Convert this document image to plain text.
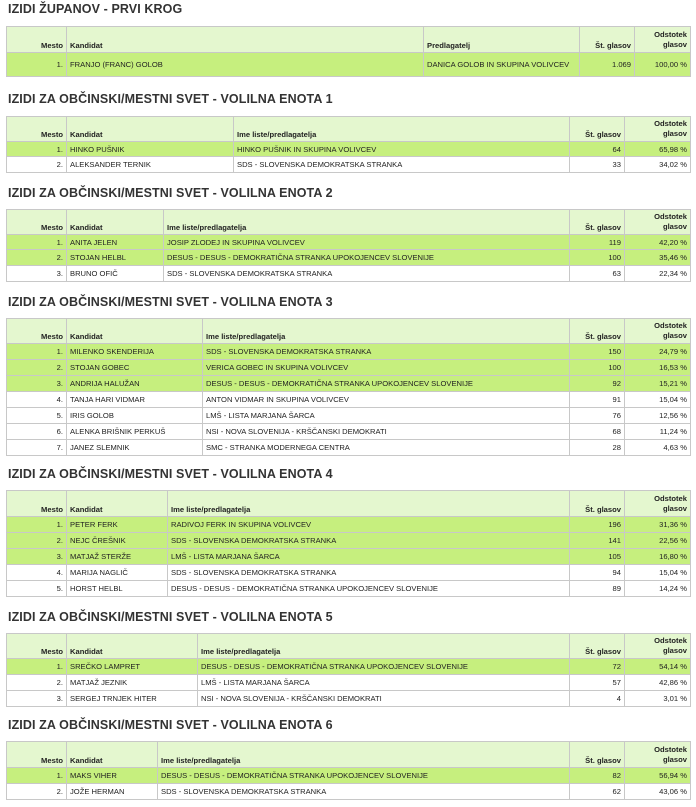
IZIDI ŽUPANOV - PRVI KROG
Mesto	Kandidat	Predlagatelj	Št. glasov	Odstotek glasov
1.	FRANJO (FRANC) GOLOB	DANICA GOLOB IN SKUPINA VOLIVCEV	1.069	100,00 %
IZIDI ZA OBČINSKI/MESTNI SVET - VOLILNA ENOTA 1
Mesto	Kandidat	Ime liste/predlagatelja	Št. glasov	Odstotek glasov
1.	HINKO PUŠNIK	HINKO PUŠNIK IN SKUPINA VOLIVCEV	64	65,98 %
2.	ALEKSANDER TERNIK	SDS - SLOVENSKA DEMOKRATSKA STRANKA	33	34,02 %
IZIDI ZA OBČINSKI/MESTNI SVET - VOLILNA ENOTA 2
Mesto	Kandidat	Ime liste/predlagatelja	Št. glasov	Odstotek glasov
1.	ANITA JELEN	JOSIP ZLODEJ IN SKUPINA VOLIVCEV	119	42,20 %
2.	STOJAN HELBL	DESUS - DESUS - DEMOKRATIČNA STRANKA UPOKOJENCEV SLOVENIJE	100	35,46 %
3.	BRUNO OFIČ	SDS - SLOVENSKA DEMOKRATSKA STRANKA	63	22,34 %
IZIDI ZA OBČINSKI/MESTNI SVET - VOLILNA ENOTA 3
Mesto	Kandidat	Ime liste/predlagatelja	Št. glasov	Odstotek glasov
1.	MILENKO SKENDERIJA	SDS - SLOVENSKA DEMOKRATSKA STRANKA	150	24,79 %
2.	STOJAN GOBEC	VERICA GOBEC IN SKUPINA VOLIVCEV	100	16,53 %
3.	ANDRIJA HALUŽAN	DESUS - DESUS - DEMOKRATIČNA STRANKA UPOKOJENCEV SLOVENIJE	92	15,21 %
4.	TANJA HARI VIDMAR	ANTON VIDMAR IN SKUPINA VOLIVCEV	91	15,04 %
5.	IRIS GOLOB	LMŠ - LISTA MARJANA ŠARCA	76	12,56 %
6.	ALENKA BRIŠNIK PERKUŠ	NSI - NOVA SLOVENIJA - KRŠČANSKI DEMOKRATI	68	11,24 %
7.	JANEZ SLEMNIK	SMC - STRANKA MODERNEGA CENTRA	28	4,63 %
IZIDI ZA OBČINSKI/MESTNI SVET - VOLILNA ENOTA 4
Mesto	Kandidat	Ime liste/predlagatelja	Št. glasov	Odstotek glasov
1.	PETER FERK	RADIVOJ FERK IN SKUPINA VOLIVCEV	196	31,36 %
2.	NEJC ČREŠNIK	SDS - SLOVENSKA DEMOKRATSKA STRANKA	141	22,56 %
3.	MATJAŽ STERŽE	LMŠ - LISTA MARJANA ŠARCA	105	16,80 %
4.	MARIJA NAGLIČ	SDS - SLOVENSKA DEMOKRATSKA STRANKA	94	15,04 %
5.	HORST HELBL	DESUS - DESUS - DEMOKRATIČNA STRANKA UPOKOJENCEV SLOVENIJE	89	14,24 %
IZIDI ZA OBČINSKI/MESTNI SVET - VOLILNA ENOTA 5
Mesto	Kandidat	Ime liste/predlagatelja	Št. glasov	Odstotek glasov
1.	SREČKO LAMPRET	DESUS - DESUS - DEMOKRATIČNA STRANKA UPOKOJENCEV SLOVENIJE	72	54,14 %
2.	MATJAŽ JEZNIK	LMŠ - LISTA MARJANA ŠARCA	57	42,86 %
3.	SERGEJ TRNJEK HITER	NSI - NOVA SLOVENIJA - KRŠČANSKI DEMOKRATI	4	3,01 %
IZIDI ZA OBČINSKI/MESTNI SVET - VOLILNA ENOTA 6
Mesto	Kandidat	Ime liste/predlagatelja	Št. glasov	Odstotek glasov
1.	MAKS VIHER	DESUS - DESUS - DEMOKRATIČNA STRANKA UPOKOJENCEV SLOVENIJE	82	56,94 %
2.	JOŽE HERMAN	SDS - SLOVENSKA DEMOKRATSKA STRANKA	62	43,06 %
